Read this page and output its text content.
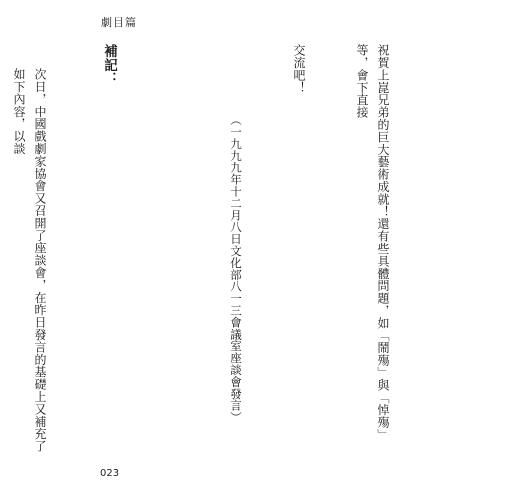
劇目篇

祝賀上崑兄弟的巨大藝術成就！還有些具體問題，如「鬧殤」與「悼殤」等，會下直接

交流吧！

（一九九九年十二月八日文化部八一三會議室座談會發言）

補記：

次日，中國戲劇家協會又召開了座談會，在昨日發言的基礎上又補充了如下內容，以談

023
